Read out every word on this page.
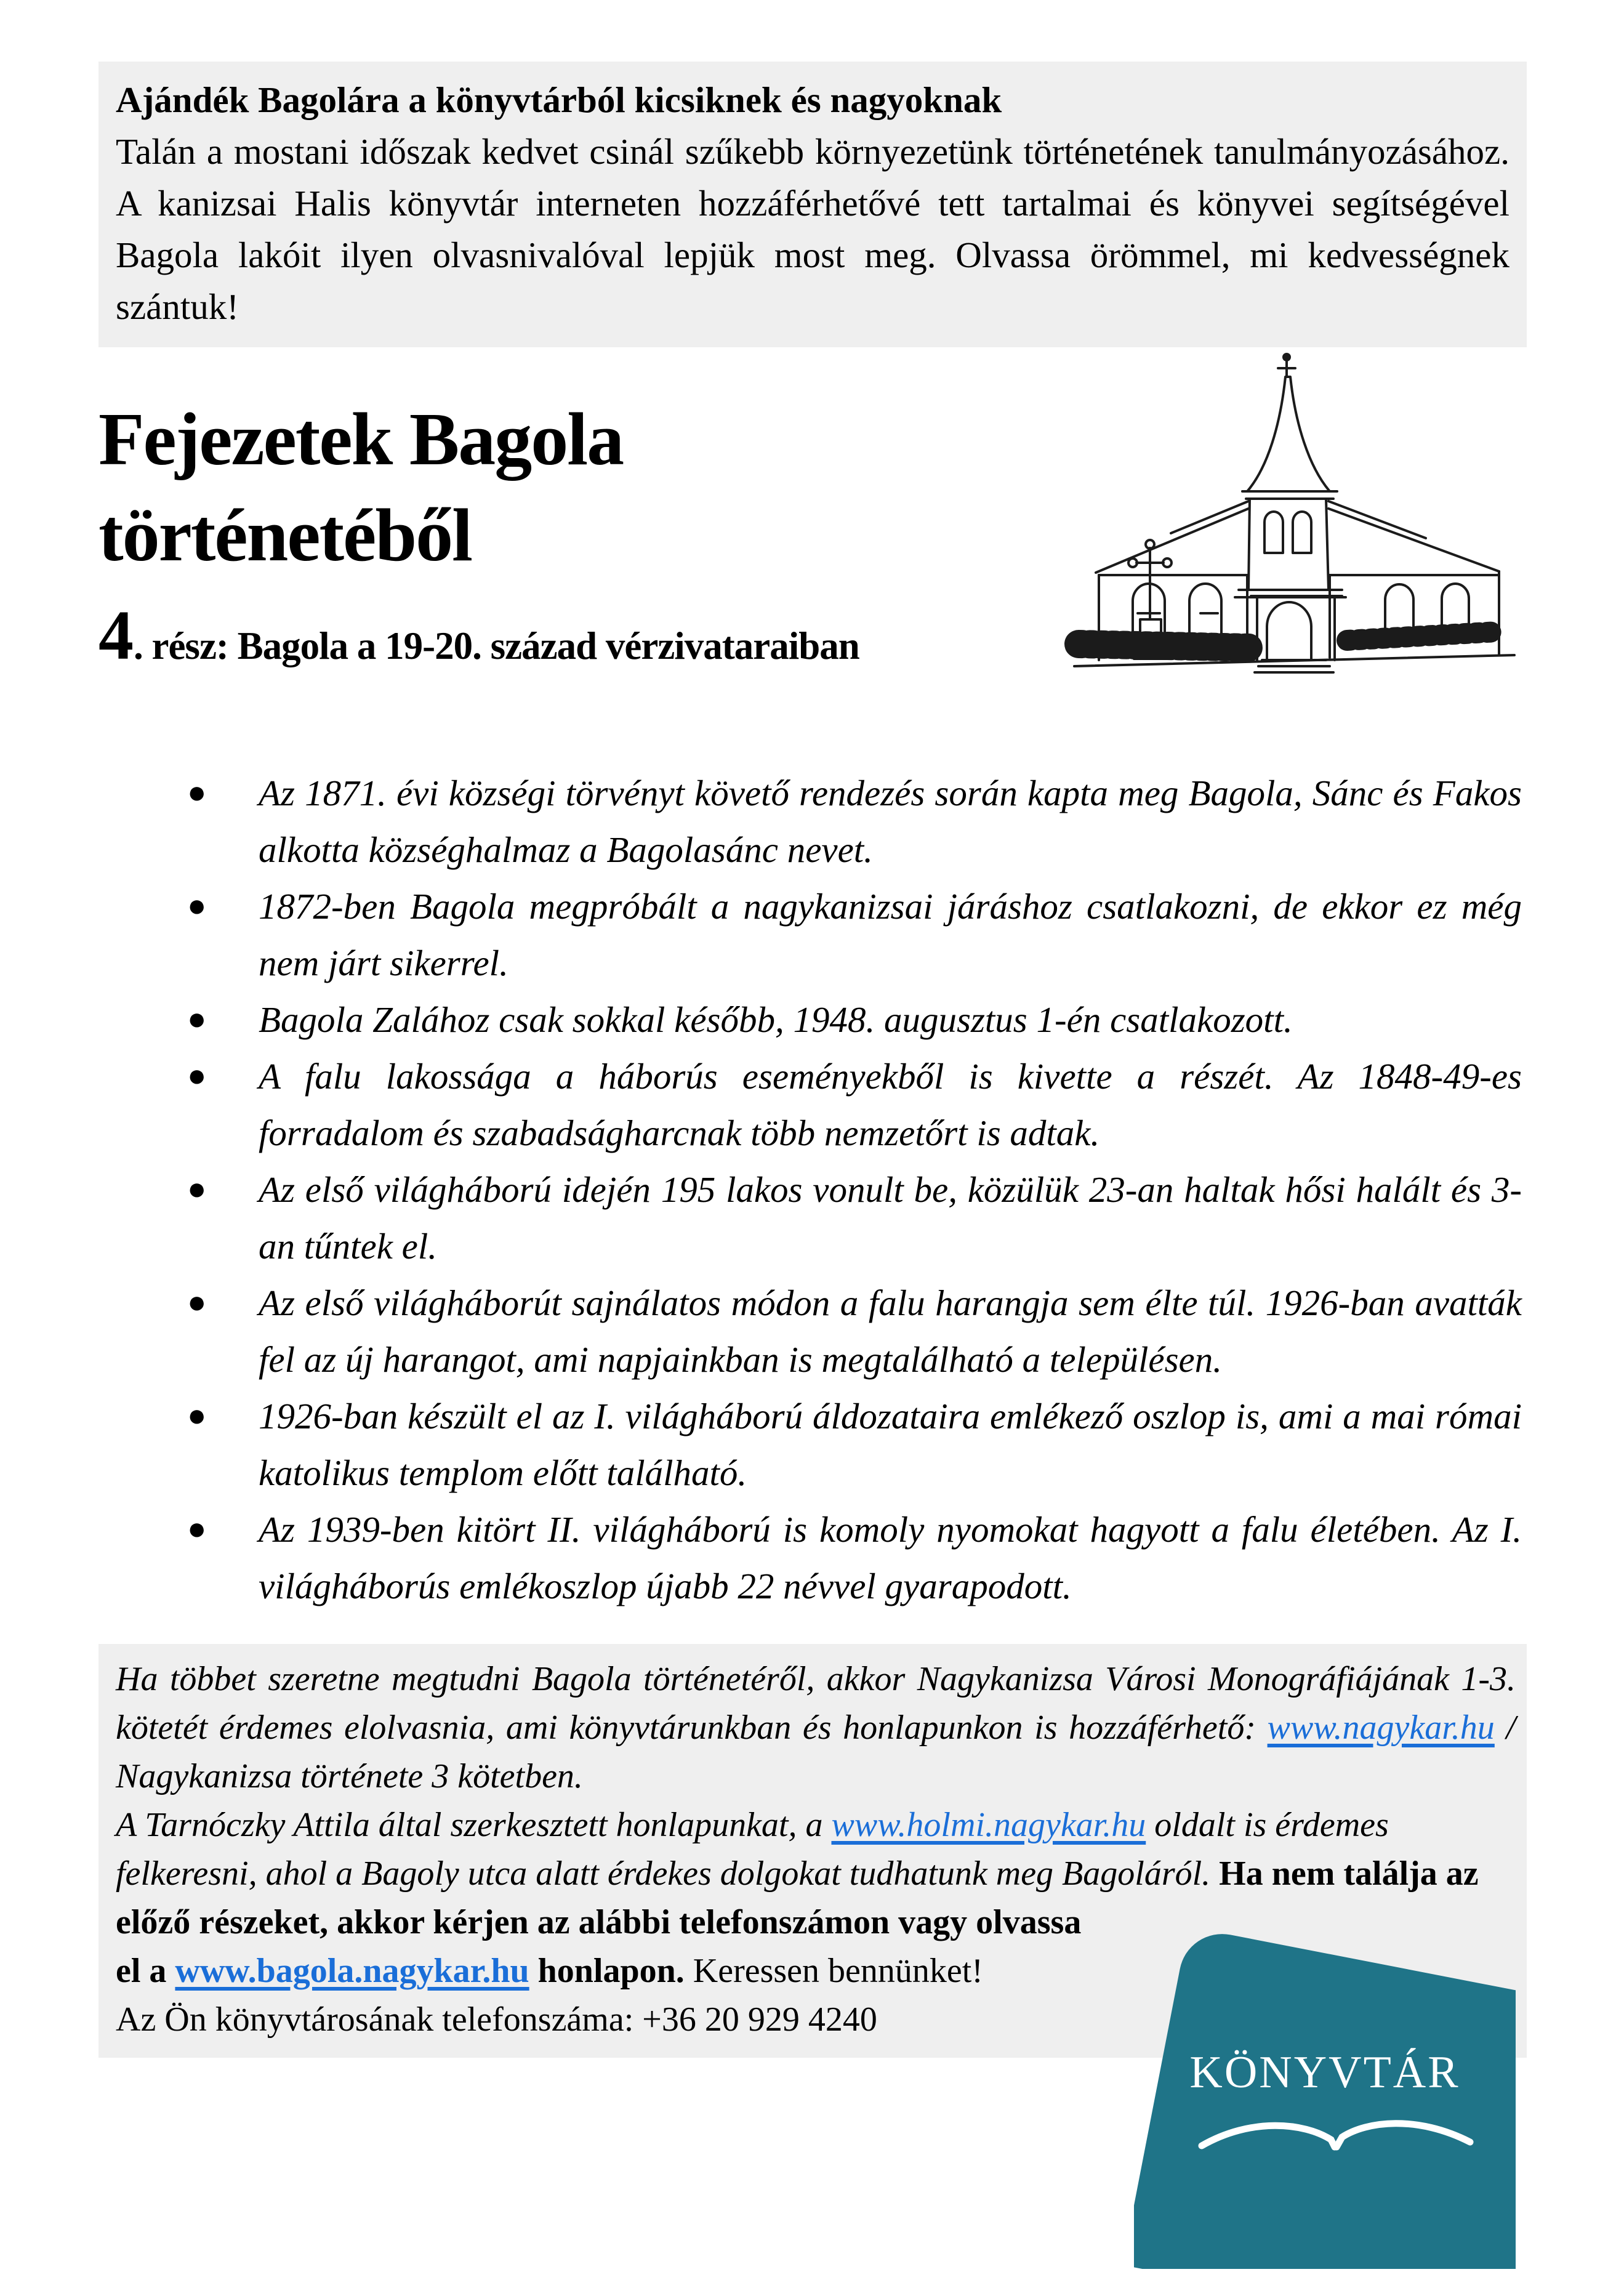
Ajándék Bagolára a könyvtárból kicsiknek és nagyoknak
Talán a mostani időszak kedvet csinál szűkebb környezetünk történetének tanulmányozásához. A kanizsai Halis könyvtár interneten hozzáférhetővé tett tartalmai és könyvei segítségével Bagola lakóit ilyen olvasnivalóval lepjük most meg. Olvassa örömmel, mi kedvességnek szántuk!
Fejezetek Bagola
történetéből
4 . rész: Bagola a 19-20. század vérzivataraiban
● Az 1871. évi községi törvényt követő rendezés során kapta meg Bagola, Sánc és Fakos alkotta községhalmaz a Bagolasánc nevet.
● 1872-ben Bagola megpróbált a nagykanizsai járáshoz csatlakozni, de ekkor ez még nem járt sikerrel.
● Bagola Zalához csak sokkal később, 1948. augusztus 1-én csatlakozott.
● A falu lakossága a háborús eseményekből is kivette a részét. Az 1848-49-es forradalom és szabadságharcnak több nemzetőrt is adtak.
● Az első világháború idején 195 lakos vonult be, közülük 23-an haltak hősi halált és 3-an tűntek el.
● Az első világháborút sajnálatos módon a falu harangja sem élte túl. 1926-ban avatták fel az új harangot, ami napjainkban is megtalálható a településen.
● 1926-ban készült el az I. világháború áldozataira emlékező oszlop is, ami a mai római katolikus templom előtt található.
● Az 1939-ben kitört II. világháború is komoly nyomokat hagyott a falu életében. Az I. világháborús emlékoszlop újabb 22 névvel gyarapodott.

Ha többet szeretne megtudni Bagola történetéről, akkor Nagykanizsa Városi Monográfiájának 1-3. kötetét érdemes elolvasnia, ami könyvtárunkban és honlapunkon is hozzáférhető: www.nagykar.hu / Nagykanizsa története 3 kötetben.

A Tarnóczky Attila által szerkesztett honlapunkat, a www.holmi.nagykar.hu oldalt is érdemes felkeresni, ahol a Bagoly utca alatt érdekes dolgokat tudhatunk meg Bagoláról.
KÖNYVTÁR
Ha nem találja az előző részeket, akkor kérjen az alábbi telefonszámon vagy olvassa el a www.bagola.nagykar.hu honlapon. Keressen bennünket!

Az Ön könyvtárosának telefonszáma: +36 20 929 4240
